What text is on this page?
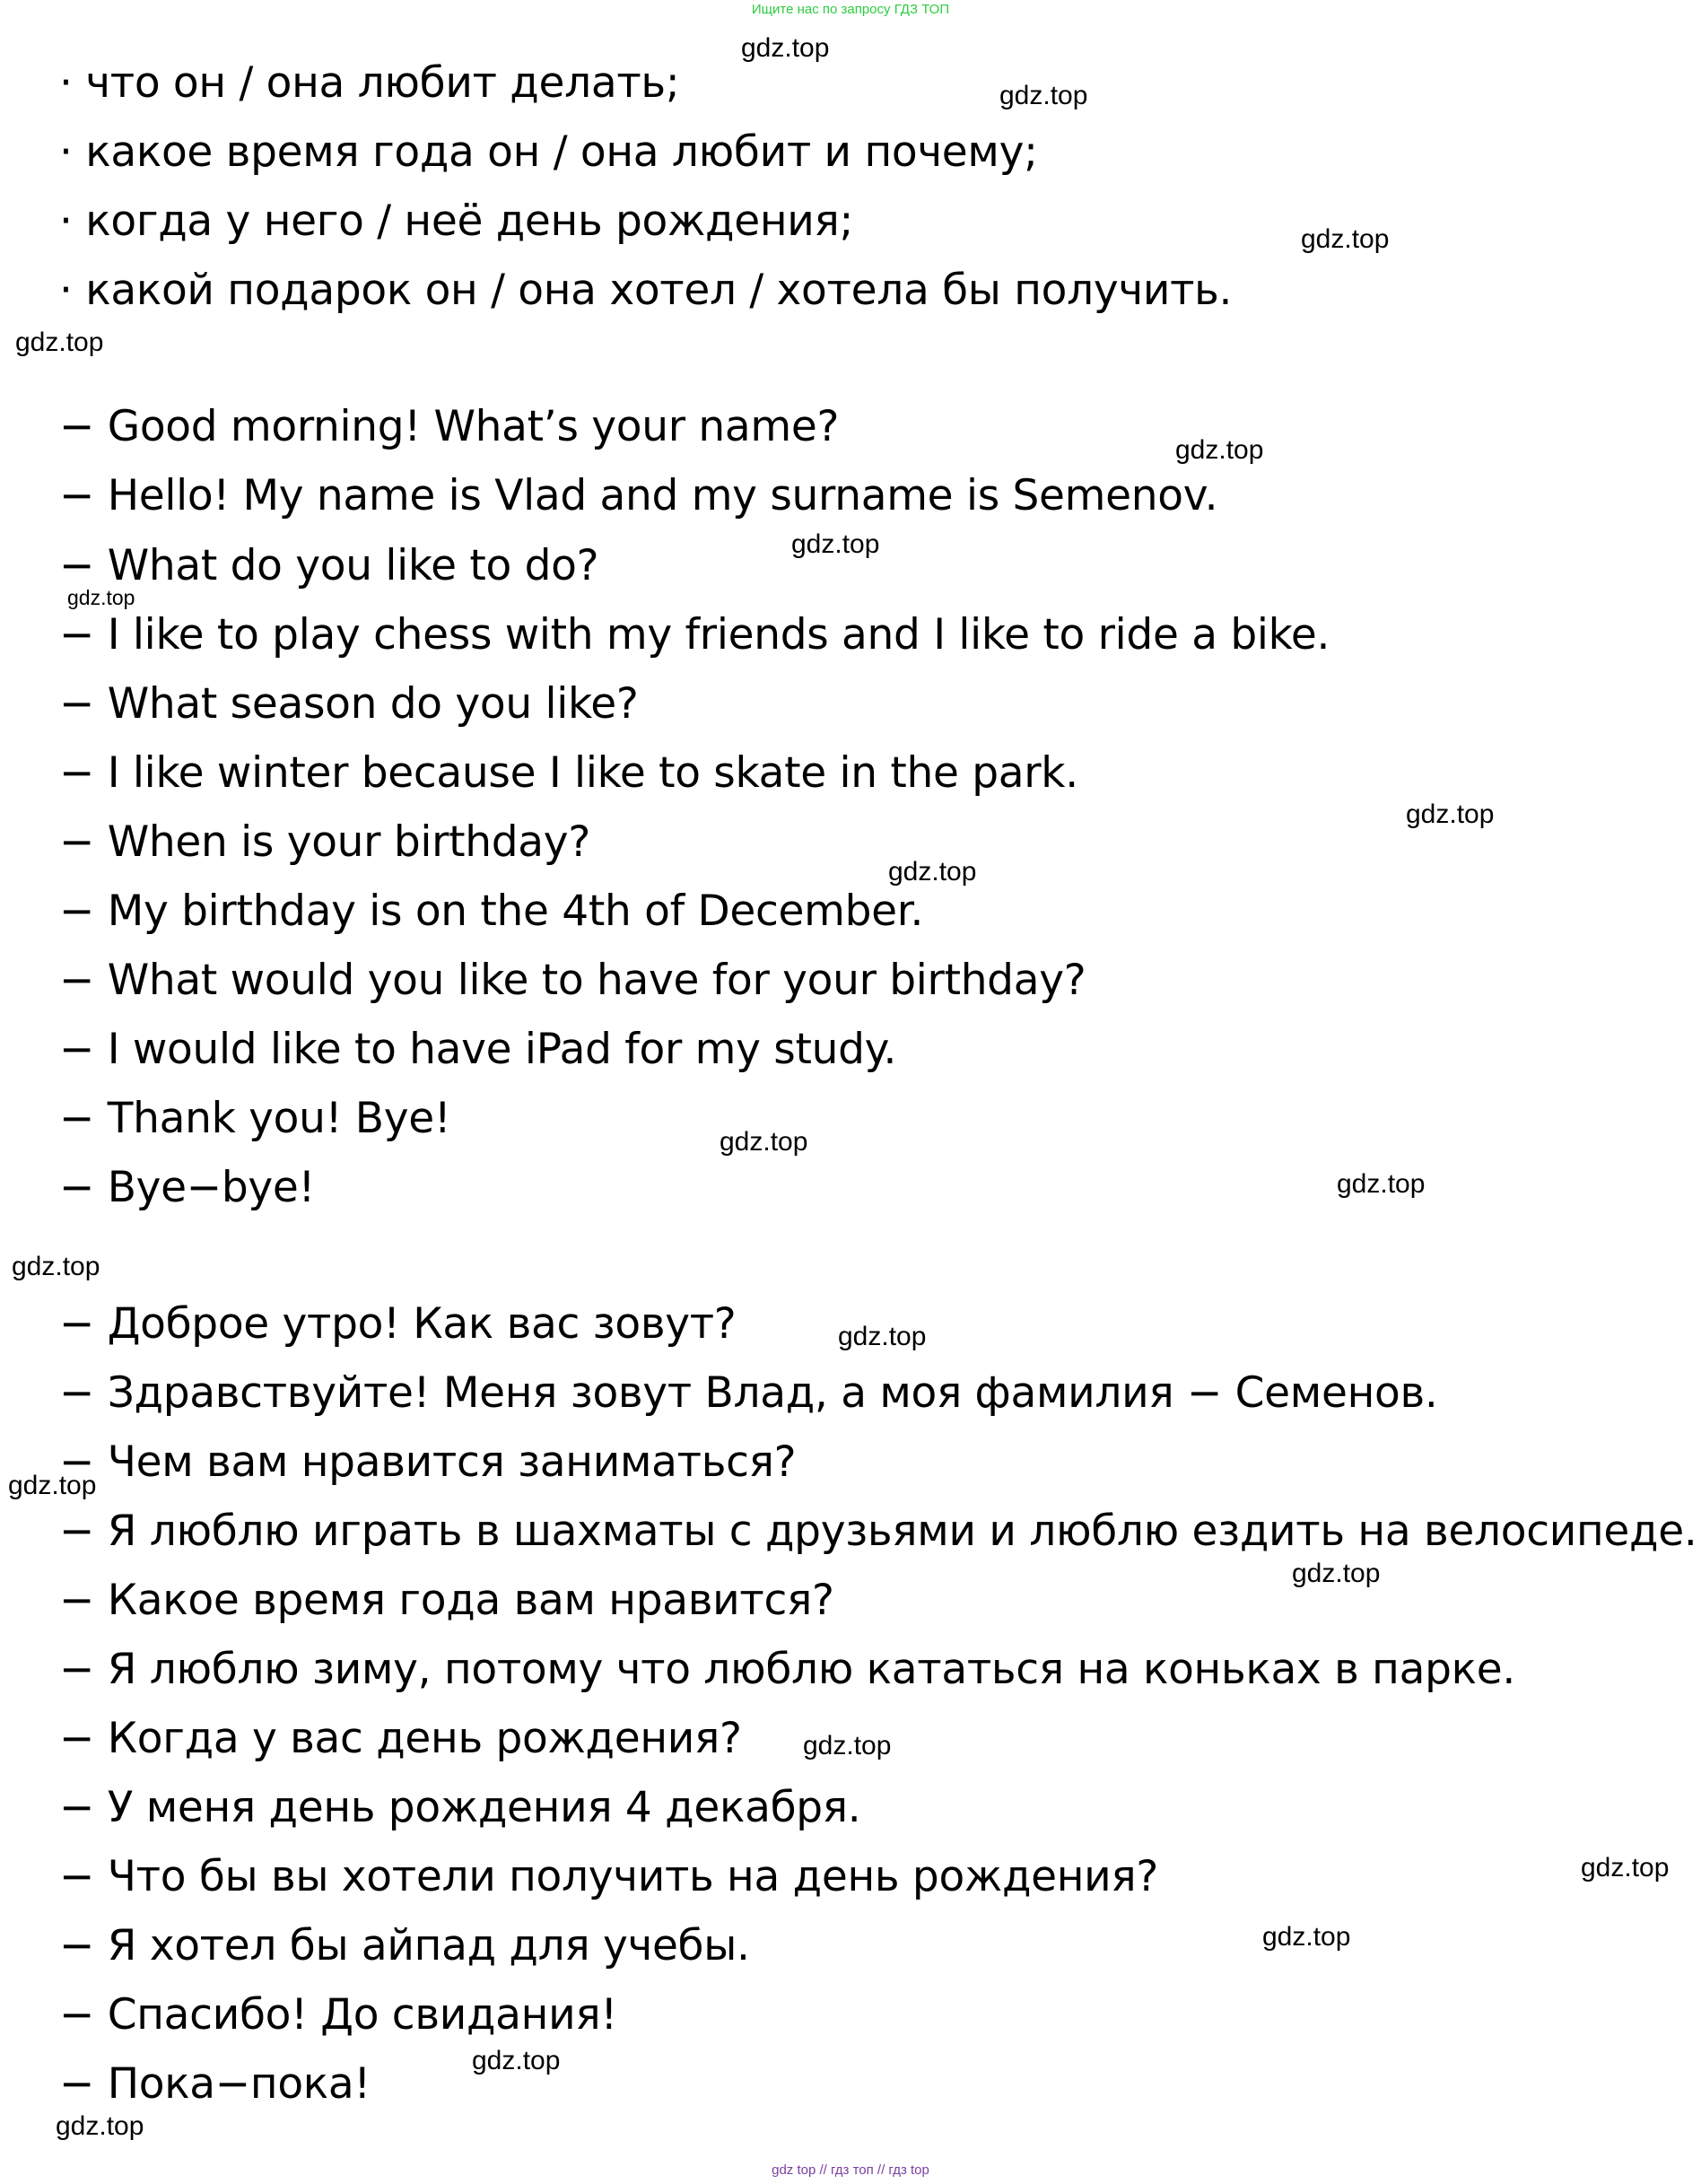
Ищите нас по запросу ГДЗ ТОП
· что он / она любит делать;
· какое время года он / она любит и почему;
· когда у него / неё день рождения;
· какой подарок он / она хотел / хотела бы получить.
− Good morning! What’s your name?
− Hello! My name is Vlad and my surname is Semenov.
− What do you like to do?
− I like to play chess with my friends and I like to ride a bike.
− What season do you like?
− I like winter because I like to skate in the park.
− When is your birthday?
− My birthday is on the 4th of December.
− What would you like to have for your birthday?
− I would like to have iPad for my study.
− Thank you! Bye!
− Bye−bye!
− Доброе утро! Как вас зовут?
− Здравствуйте! Меня зовут Влад, а моя фамилия − Семенов.
− Чем вам нравится заниматься?
− Я люблю играть в шахматы с друзьями и люблю ездить на велосипеде.
− Какое время года вам нравится?
− Я люблю зиму, потому что люблю кататься на коньках в парке.
− Когда у вас день рождения?
− У меня день рождения 4 декабря.
− Что бы вы хотели получить на день рождения?
− Я хотел бы айпад для учебы.
− Спасибо! До свидания!
− Пока−пока!
gdz.top
gdz.top
gdz.top
gdz.top
gdz.top
gdz.top
gdz.top
gdz.top
gdz.top
gdz.top
gdz.top
gdz.top
gdz.top
gdz.top
gdz.top
gdz.top
gdz.top
gdz.top
gdz.top
gdz.top
gdz top // гдз топ // гдз top
